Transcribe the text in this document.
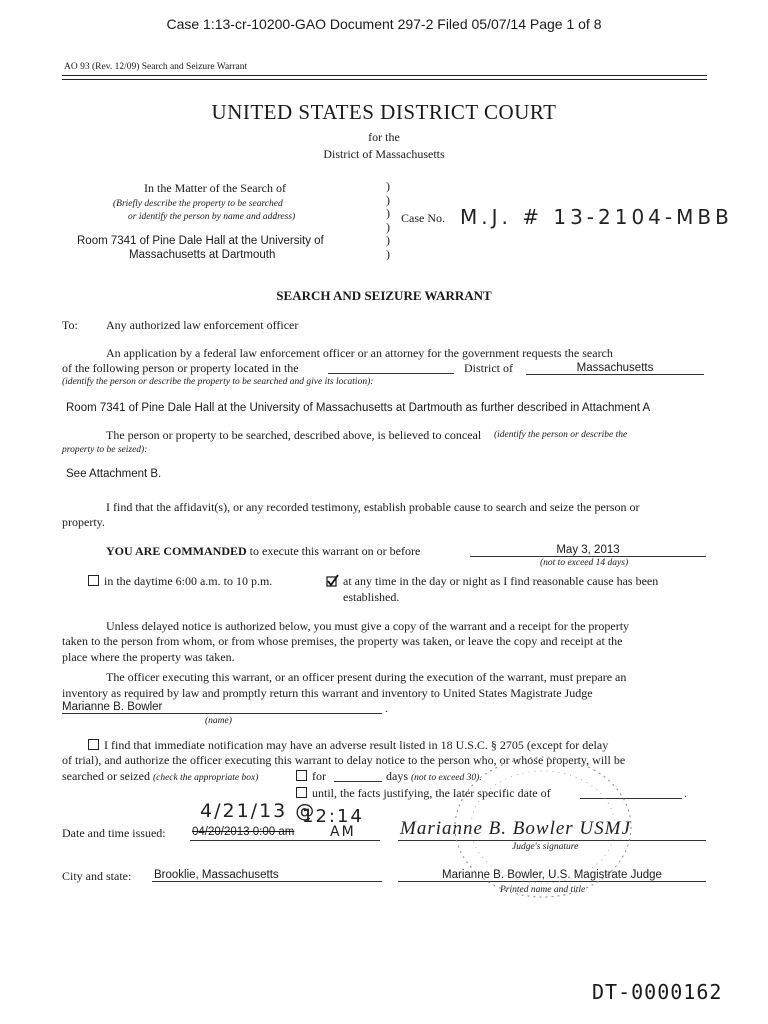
Case 1:13-cr-10200-GAO Document 297-2 Filed 05/07/14 Page 1 of 8
AO 93 (Rev. 12/09) Search and Seizure Warrant
UNITED STATES DISTRICT COURT
for the
District of Massachusetts
In the Matter of the Search of
(Briefly describe the property to be searched
or identify the person by name and address)
Room 7341 of Pine Dale Hall at the University of
Massachusetts at Dartmouth
)
)
)
)
)
)
Case No. M.J. # 13-2104-MBB
SEARCH AND SEIZURE WARRANT
To: Any authorized law enforcement officer
An application by a federal law enforcement officer or an attorney for the government requests the search
of the following person or property located in the	District of	Massachusetts
(identify the person or describe the property to be searched and give its location):
Room 7341 of Pine Dale Hall at the University of Massachusetts at Dartmouth as further described in Attachment A
The person or property to be searched, described above, is believed to conceal (identify the person or describe the
property to be seized):
See Attachment B.
I find that the affidavit(s), or any recorded testimony, establish probable cause to search and seize the person or
property.
YOU ARE COMMANDED to execute this warrant on or before	May 3, 2013
(not to exceed 14 days)
in the daytime 6:00 a.m. to 10 p.m.	at any time in the day or night as I find reasonable cause has been
established.
Unless delayed notice is authorized below, you must give a copy of the warrant and a receipt for the property
taken to the person from whom, or from whose premises, the property was taken, or leave the copy and receipt at the
place where the property was taken.
The officer executing this warrant, or an officer present during the execution of the warrant, must prepare an
inventory as required by law and promptly return this warrant and inventory to United States Magistrate Judge
Marianne B. Bowler	.
(name)
I find that immediate notification may have an adverse result listed in 18 U.S.C. § 2705 (except for delay
of trial), and authorize the officer executing this warrant to delay notice to the person who, or whose property, will be
searched or seized (check the appropriate box)	for	days (not to exceed 30).
until, the facts justifying, the later specific date of	.
4/21/13 @
12:14
AM
Date and time issued: 04/20/2013 0:00 am	Marianne B. Bowler USMJ
Judge's signature
City and state: Brooklie, Massachusetts	Marianne B. Bowler, U.S. Magistrate Judge
Printed name and title
DT-0000162
